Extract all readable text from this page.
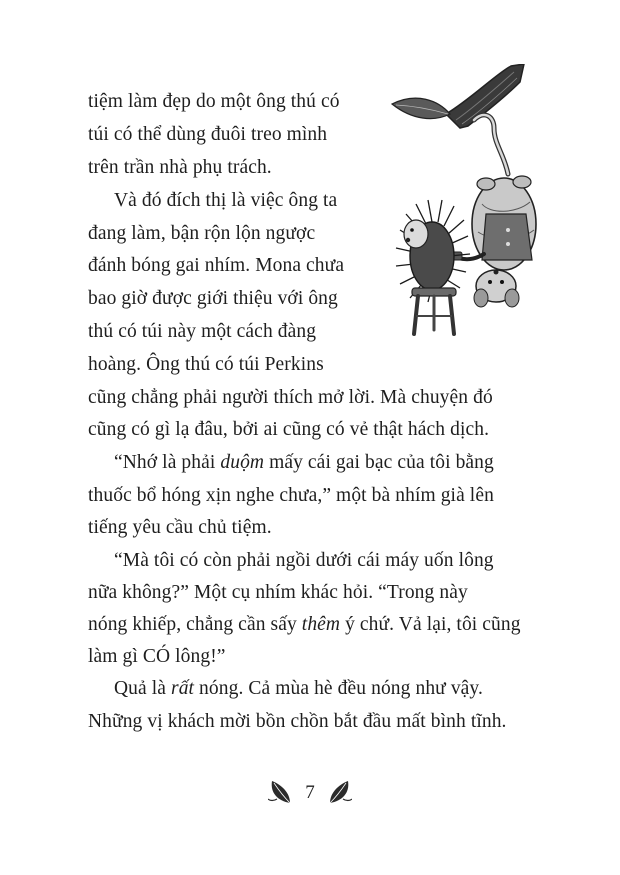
tiệm làm đẹp do một ông thú có
túi có thể dùng đuôi treo mình
trên trần nhà phụ trách.
Và đó đích thị là việc ông ta
đang làm, bận rộn lộn ngược
đánh bóng gai nhím. Mona chưa
bao giờ được giới thiệu với ông
thú có túi này một cách đàng
hoàng. Ông thú có túi Perkins
cũng chẳng phải người thích mở lời. Mà chuyện đó
cũng có gì lạ đâu, bởi ai cũng có vẻ thật hách dịch.
“Nhớ là phải duộm mấy cái gai bạc của tôi bằng
thuốc bổ hóng xịn nghe chưa,” một bà nhím già lên
tiếng yêu cầu chủ tiệm.
“Mà tôi có còn phải ngồi dưới cái máy uốn lông
nữa không?” Một cụ nhím khác hỏi. “Trong này
nóng khiếp, chẳng cần sấy thêm ý chứ. Vả lại, tôi cũng
làm gì CÓ lông!”
Quả là rất nóng. Cả mùa hè đều nóng như vậy.
Những vị khách mời bồn chồn bắt đầu mất bình tĩnh.
7
